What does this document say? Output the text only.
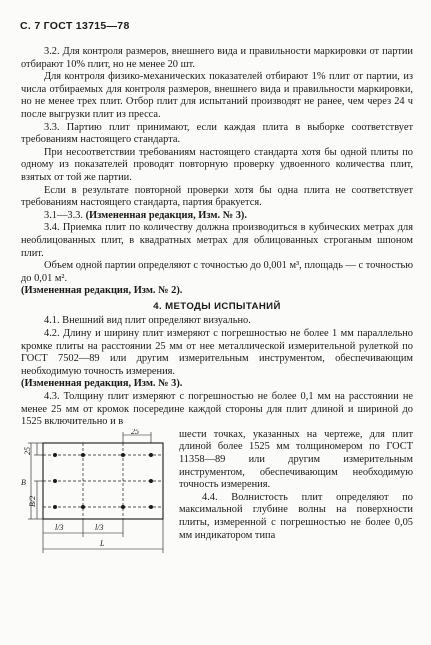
С. 7 ГОСТ 13715—78

3.2. Для контроля размеров, внешнего вида и правильности маркировки от партии отбирают 10% плит, но не менее 20 шт.

Для контроля физико-механических показателей отбирают 1% плит от партии, из числа отбираемых для контроля размеров, внешнего вида и правильности маркировки, но не менее трех плит. Отбор плит для испытаний производят не ранее, чем через 24 ч после выгрузки плит из пресса.

3.3. Партию плит принимают, если каждая плита в выборке соответствует требованиям настоящего стандарта.

При несоответствии требованиям настоящего стандарта хотя бы одной плиты по одному из показателей проводят повторную проверку удвоенного количества плит, взятых от той же партии.

Если в результате повторной проверки хотя бы одна плита не соответствует требованиям настоящего стандарта, партия бракуется.

3.1—3.3. (Измененная редакция, Изм. № 3).

3.4. Приемка плит по количеству должна производиться в кубических метрах для необлицованных плит, в квадратных метрах для облицованных строганым шпоном плит.

Объем одной партии определяют с точностью до 0,001 м³, площадь — с точностью до 0,01 м².

(Измененная редакция, Изм. № 2).

4. МЕТОДЫ ИСПЫТАНИЙ

4.1. Внешний вид плит определяют визуально.

4.2. Длину и ширину плит измеряют с погрешностью не более 1 мм параллельно кромке плиты на расстоянии 25 мм от нее металлической измерительной рулеткой по ГОСТ 7502—89 или другим измерительным инструментом, обеспечивающим необходимую точность измерения.

(Измененная редакция, Изм. № 3).

4.3. Толщину плит измеряют с погрешностью не более 0,1 мм на расстоянии не менее 25 мм от кромок посередине каждой стороны для плит длиной и шириной до 1525 включительно и в

25
25
B
B/2
l/3	l/3
L

шести точках, указанных на чертеже, для плит длиной более 1525 мм толщиномером по ГОСТ 11358—89 или другим измерительным инструментом, обеспечивающим необходимую точность измерения.

4.4. Волнистость плит определяют по максимальной глубине волны на поверхности плиты, измеренной с погрешностью не более 0,05 мм индикатором типа
